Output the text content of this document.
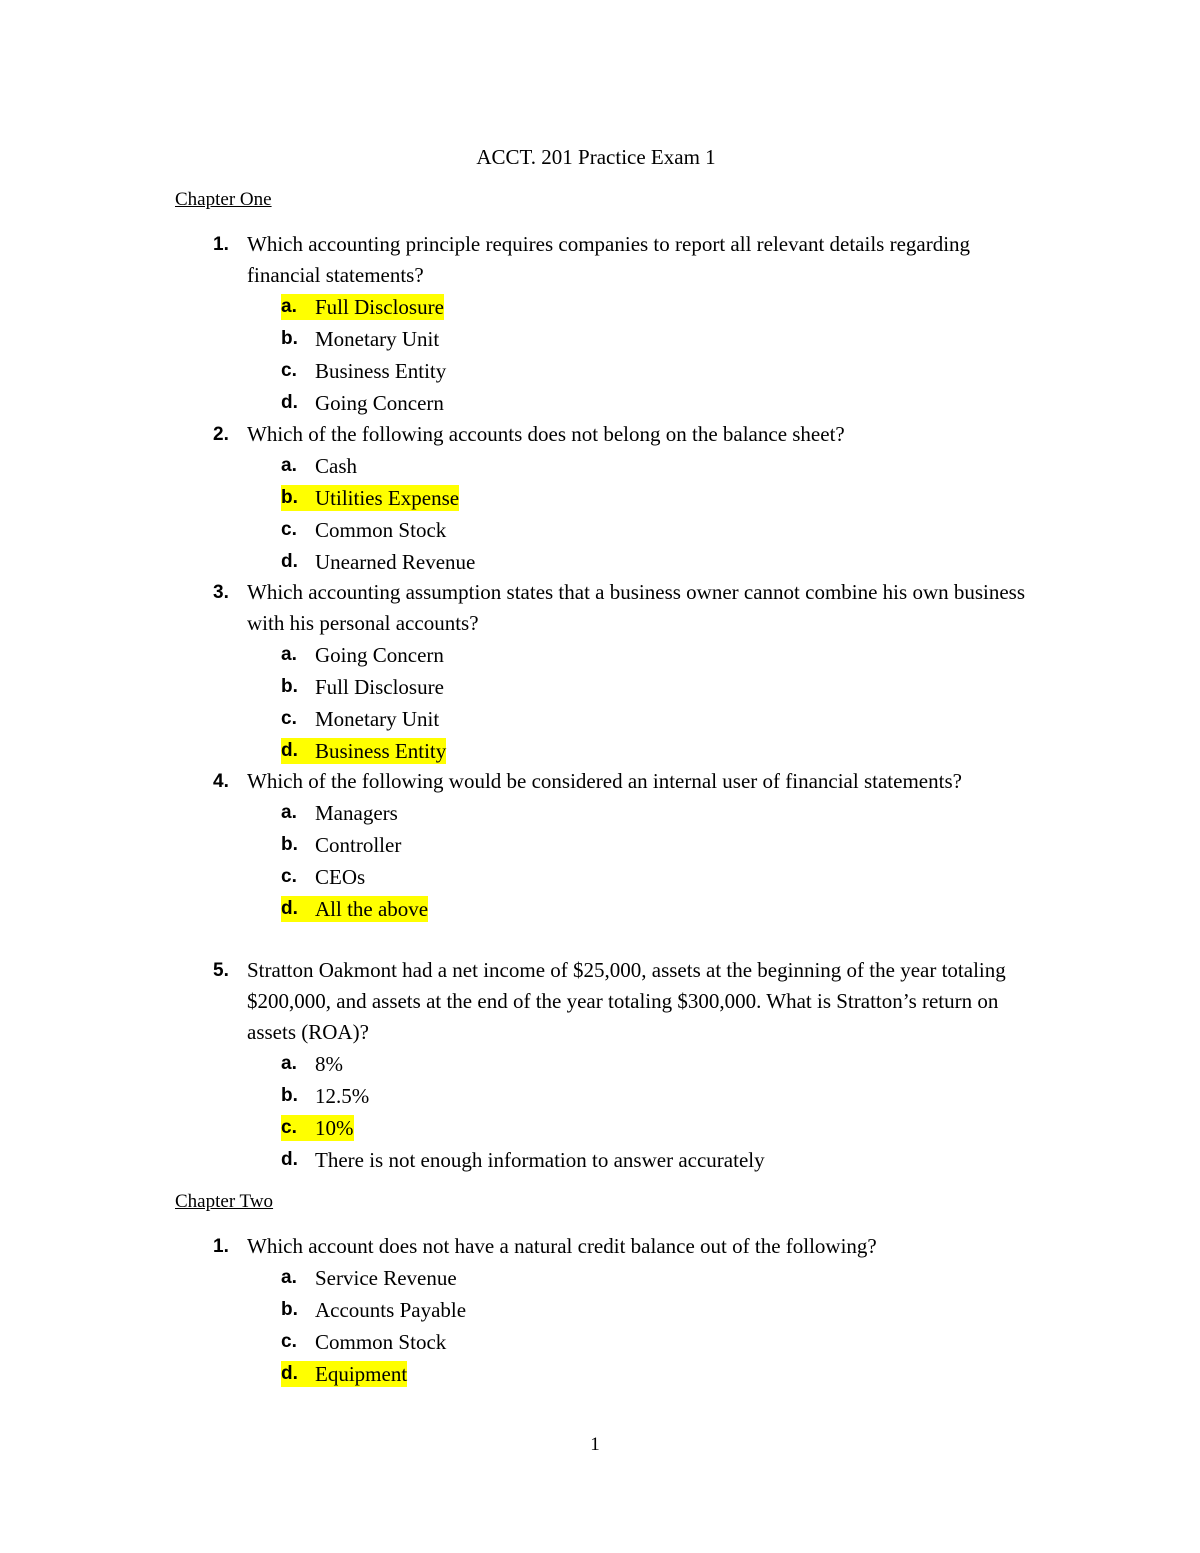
ACCT. 201 Practice Exam 1
Chapter One
1. Which accounting principle requires companies to report all relevant details regarding financial statements?
a. Full Disclosure
b. Monetary Unit
c. Business Entity
d. Going Concern
2. Which of the following accounts does not belong on the balance sheet?
a. Cash
b. Utilities Expense
c. Common Stock
d. Unearned Revenue
3. Which accounting assumption states that a business owner cannot combine his own business with his personal accounts?
a. Going Concern
b. Full Disclosure
c. Monetary Unit
d. Business Entity
4. Which of the following would be considered an internal user of financial statements?
a. Managers
b. Controller
c. CEOs
d. All the above
5. Stratton Oakmont had a net income of $25,000, assets at the beginning of the year totaling $200,000, and assets at the end of the year totaling $300,000. What is Stratton’s return on assets (ROA)?
a. 8%
b. 12.5%
c. 10%
d. There is not enough information to answer accurately
Chapter Two
1. Which account does not have a natural credit balance out of the following?
a. Service Revenue
b. Accounts Payable
c. Common Stock
d. Equipment
1
